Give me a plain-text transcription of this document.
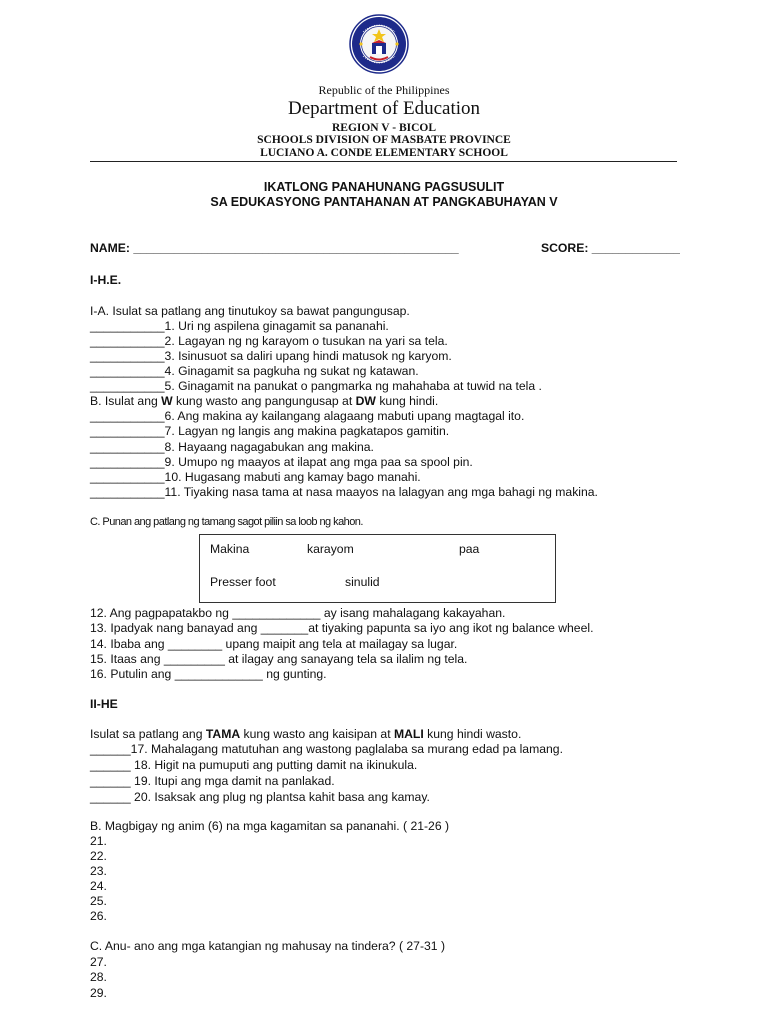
Republic of the Philippines
Department of Education
REGION V - BICOL
SCHOOLS DIVISION OF MASBATE PROVINCE
LUCIANO A. CONDE ELEMENTARY SCHOOL
IKATLONG PANAHUNANG PAGSUSULIT
SA EDUKASYONG PANTAHANAN AT PANGKABUHAYAN V
NAME: ________________________________________________	SCORE: _____________
I-H.E.
I-A. Isulat sa patlang ang tinutukoy sa bawat pangungusap.
___________1. Uri ng aspilena ginagamit sa pananahi.
___________2. Lagayan ng ng karayom o tusukan na yari sa tela.
___________3. Isinusuot sa daliri upang hindi matusok ng karyom.
___________4. Ginagamit sa pagkuha ng sukat ng katawan.
___________5. Ginagamit na panukat o pangmarka ng mahahaba at tuwid na tela .
B. Isulat ang W kung wasto ang pangungusap at DW kung hindi.
___________6. Ang makina ay kailangang alagaang mabuti upang magtagal ito.
___________7. Lagyan ng langis ang makina pagkatapos gamitin.
___________8. Hayaang nagagabukan ang makina.
___________9. Umupo ng maayos at ilapat ang mga paa sa spool pin.
___________10. Hugasang mabuti ang kamay bago manahi.
___________11. Tiyaking nasa tama at nasa maayos na lalagyan ang mga bahagi ng makina.
C. Punan ang patlang ng tamang sagot piliin sa loob ng kahon.
Makina	karayom	paa
Presser foot	sinulid
12. Ang pagpapatakbo ng _____________ ay isang mahalagang kakayahan.
13. Ipadyak nang banayad ang _______at tiyaking papunta sa iyo ang ikot ng balance wheel.
14. Ibaba ang ________ upang maipit ang tela at mailagay sa lugar.
15. Itaas ang _________ at ilagay ang sanayang tela sa ilalim ng tela.
16. Putulin ang _____________ ng gunting.
II-HE
Isulat sa patlang ang TAMA kung wasto ang kaisipan at MALI kung hindi wasto.
______17. Mahalagang matutuhan ang wastong paglalaba sa murang edad pa lamang.
______ 18. Higit na pumuputi ang putting damit na ikinukula.
______ 19. Itupi ang mga damit na panlakad.
______ 20. Isaksak ang plug ng plantsa kahit basa ang kamay.
B. Magbigay ng anim (6) na mga kagamitan sa pananahi. ( 21-26 )
21.
22.
23.
24.
25.
26.
C. Anu- ano ang mga katangian ng mahusay na tindera? ( 27-31 )
27.
28.
29.
